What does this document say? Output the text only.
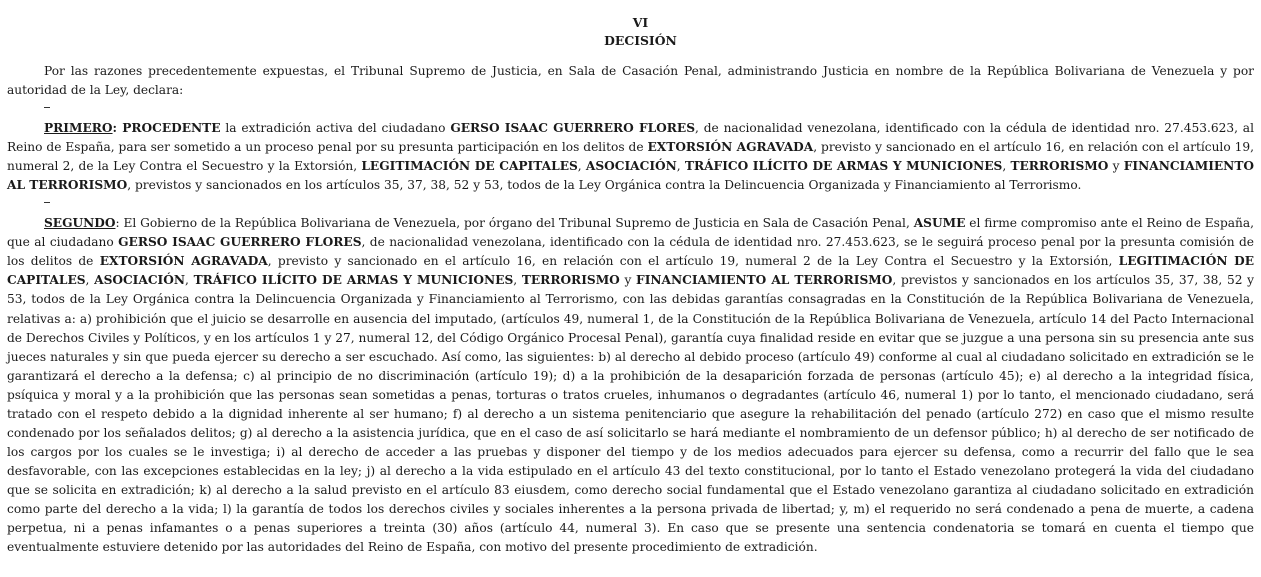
VI
DECISIÓN

Por las razones precedentemente expuestas, el Tribunal Supremo de Justicia, en Sala de Casación Penal, administrando Justicia en nombre de la República Bolivariana de Venezuela y por autoridad de la Ley, declara:

PRIMERO: PROCEDENTE la extradición activa del ciudadano GERSO ISAAC GUERRERO FLORES, de nacionalidad venezolana, identificado con la cédula de identidad nro. 27.453.623, al Reino de España, para ser sometido a un proceso penal por su presunta participación en los delitos de EXTORSIÓN AGRAVADA, previsto y sancionado en el artículo 16, en relación con el artículo 19, numeral 2, de la Ley Contra el Secuestro y la Extorsión, LEGITIMACIÓN DE CAPITALES, ASOCIACIÓN, TRÁFICO ILÍCITO DE ARMAS Y MUNICIONES, TERRORISMO y FINANCIAMIENTO AL TERRORISMO, previstos y sancionados en los artículos 35, 37, 38, 52 y 53, todos de la Ley Orgánica contra la Delincuencia Organizada y Financiamiento al Terrorismo.

SEGUNDO: El Gobierno de la República Bolivariana de Venezuela, por órgano del Tribunal Supremo de Justicia en Sala de Casación Penal, ASUME el firme compromiso ante el Reino de España, que al ciudadano GERSO ISAAC GUERRERO FLORES, de nacionalidad venezolana, identificado con la cédula de identidad nro. 27.453.623, se le seguirá proceso penal por la presunta comisión de los delitos de EXTORSIÓN AGRAVADA, previsto y sancionado en el artículo 16, en relación con el artículo 19, numeral 2 de la Ley Contra el Secuestro y la Extorsión, LEGITIMACIÓN DE CAPITALES, ASOCIACIÓN, TRÁFICO ILÍCITO DE ARMAS Y MUNICIONES, TERRORISMO y FINANCIAMIENTO AL TERRORISMO, previstos y sancionados en los artículos 35, 37, 38, 52 y 53, todos de la Ley Orgánica contra la Delincuencia Organizada y Financiamiento al Terrorismo, con las debidas garantías consagradas en la Constitución de la República Bolivariana de Venezuela, relativas a: a) prohibición que el juicio se desarrolle en ausencia del imputado, (artículos 49, numeral 1, de la Constitución de la República Bolivariana de Venezuela, artículo 14 del Pacto Internacional de Derechos Civiles y Políticos, y en los artículos 1 y 27, numeral 12, del Código Orgánico Procesal Penal), garantía cuya finalidad reside en evitar que se juzgue a una persona sin su presencia ante sus jueces naturales y sin que pueda ejercer su derecho a ser escuchado. Así como, las siguientes: b) al derecho al debido proceso (artículo 49) conforme al cual al ciudadano solicitado en extradición se le garantizará el derecho a la defensa; c) al principio de no discriminación (artículo 19); d) a la prohibición de la desaparición forzada de personas (artículo 45); e) al derecho a la integridad física, psíquica y moral y a la prohibición que las personas sean sometidas a penas, torturas o tratos crueles, inhumanos o degradantes (artículo 46, numeral 1) por lo tanto, el mencionado ciudadano, será tratado con el respeto debido a la dignidad inherente al ser humano; f) al derecho a un sistema penitenciario que asegure la rehabilitación del penado (artículo 272) en caso que el mismo resulte condenado por los señalados delitos; g) al derecho a la asistencia jurídica, que en el caso de así solicitarlo se hará mediante el nombramiento de un defensor público; h) al derecho de ser notificado de los cargos por los cuales se le investiga; i) al derecho de acceder a las pruebas y disponer del tiempo y de los medios adecuados para ejercer su defensa, como a recurrir del fallo que le sea desfavorable, con las excepciones establecidas en la ley; j) al derecho a la vida estipulado en el artículo 43 del texto constitucional, por lo tanto el Estado venezolano protegerá la vida del ciudadano que se solicita en extradición; k) al derecho a la salud previsto en el artículo 83 eiusdem, como derecho social fundamental que el Estado venezolano garantiza al ciudadano solicitado en extradición como parte del derecho a la vida; l) la garantía de todos los derechos civiles y sociales inherentes a la persona privada de libertad; y, m) el requerido no será condenado a pena de muerte, a cadena perpetua, ni a penas infamantes o a penas superiores a treinta (30) años (artículo 44, numeral 3). En caso que se presente una sentencia condenatoria se tomará en cuenta el tiempo que eventualmente estuviere detenido por las autoridades del Reino de España, con motivo del presente procedimiento de extradición.
